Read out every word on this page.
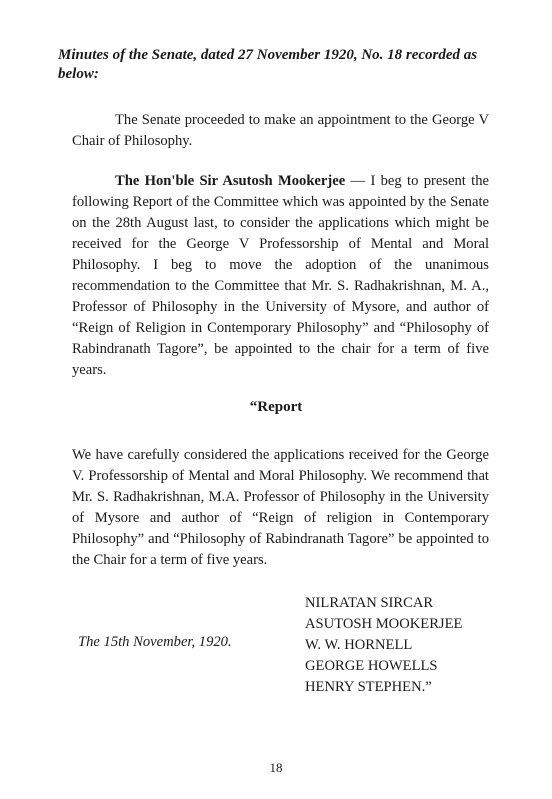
Minutes of the Senate, dated 27 November 1920, No. 18 recorded as below:

The Senate proceeded to make an appointment to the George V Chair of Philosophy.

The Hon'ble Sir Asutosh Mookerjee — I beg to present the following Report of the Committee which was appointed by the Senate on the 28th August last, to consider the applications which might be received for the George V Professorship of Mental and Moral Philosophy. I beg to move the adoption of the unanimous recommendation to the Committee that Mr. S. Radhakrishnan, M. A., Professor of Philosophy in the University of Mysore, and author of “Reign of Religion in Contemporary Philosophy” and “Philosophy of Rabindranath Tagore”, be appointed to the chair for a term of five years.

“Report

We have carefully considered the applications received for the George V. Professorship of Mental and Moral Philosophy. We recommend that Mr. S. Radhakrishnan, M.A. Professor of Philosophy in the University of Mysore and author of “Reign of religion in Contemporary Philosophy” and “Philosophy of Rabindranath Tagore” be appointed to the Chair for a term of five years.

The 15th November, 1920.
NILRATAN SIRCAR
ASUTOSH MOOKERJEE
W. W. HORNELL
GEORGE HOWELLS
HENRY STEPHEN.”
18
